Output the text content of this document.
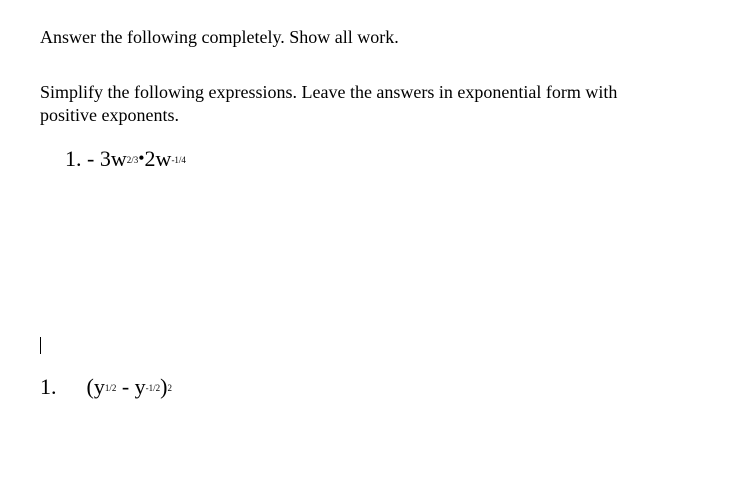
Answer the following completely. Show all work.
Simplify the following expressions. Leave the answers in exponential form with positive exponents.
1. - 3w2/3•2w-1/4
1. (y1/2 - y-1/2)2
